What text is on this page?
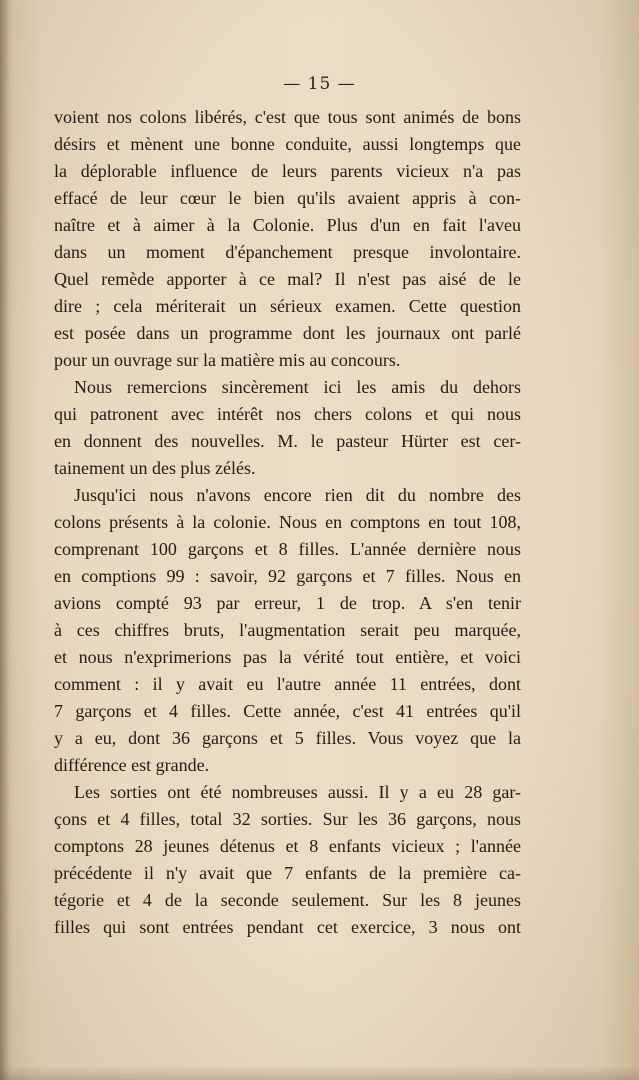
— 15 —
voient nos colons libérés, c'est que tous sont animés de bons
désirs et mènent une bonne conduite, aussi longtemps que
la déplorable influence de leurs parents vicieux n'a pas
effacé de leur cœur le bien qu'ils avaient appris à con-
naître et à aimer à la Colonie. Plus d'un en fait l'aveu
dans un moment d'épanchement presque involontaire.
Quel remède apporter à ce mal? Il n'est pas aisé de le
dire ; cela mériterait un sérieux examen. Cette question
est posée dans un programme dont les journaux ont parlé
pour un ouvrage sur la matière mis au concours.
Nous remercions sincèrement ici les amis du dehors
qui patronent avec intérêt nos chers colons et qui nous
en donnent des nouvelles. M. le pasteur Hürter est cer-
tainement un des plus zélés.
Jusqu'ici nous n'avons encore rien dit du nombre des
colons présents à la colonie. Nous en comptons en tout 108,
comprenant 100 garçons et 8 filles. L'année dernière nous
en comptions 99 : savoir, 92 garçons et 7 filles. Nous en
avions compté 93 par erreur, 1 de trop. A s'en tenir
à ces chiffres bruts, l'augmentation serait peu marquée,
et nous n'exprimerions pas la vérité tout entière, et voici
comment : il y avait eu l'autre année 11 entrées, dont
7 garçons et 4 filles. Cette année, c'est 41 entrées qu'il
y a eu, dont 36 garçons et 5 filles. Vous voyez que la
différence est grande.
Les sorties ont été nombreuses aussi. Il y a eu 28 gar-
çons et 4 filles, total 32 sorties. Sur les 36 garçons, nous
comptons 28 jeunes détenus et 8 enfants vicieux ; l'année
précédente il n'y avait que 7 enfants de la première ca-
tégorie et 4 de la seconde seulement. Sur les 8 jeunes
filles qui sont entrées pendant cet exercice, 3 nous ont
